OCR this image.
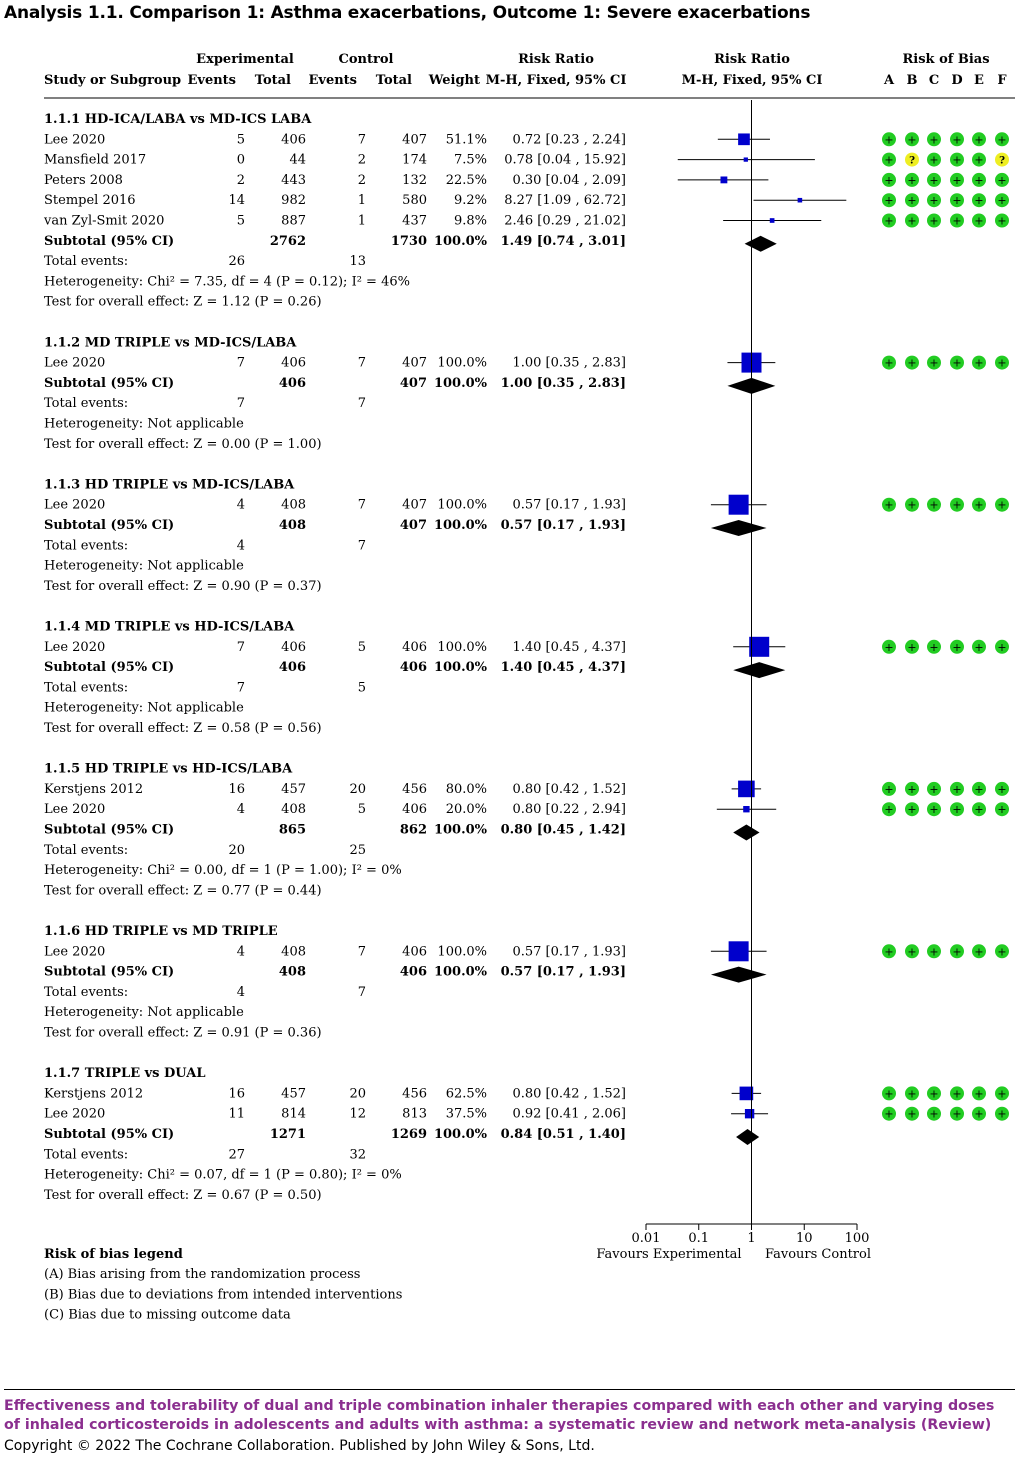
Analysis 1.1. Comparison 1: Asthma exacerbations, Outcome 1: Severe exacerbations
Experimental	Control	Risk Ratio	Risk Ratio	Risk of Bias
Study or Subgroup Events Total Events Total Weight M-H, Fixed, 95% CI	M-H, Fixed, 95% CI	A B C D E F
1.1.1 HD-ICA/LABA vs MD-ICS LABA
Lee 2020	5	406	7	407 51.1% 0.72 [0.23 , 2.24]	+ + + + + +
Mansfield 2017	0	44	2	174 7.5% 0.78 [0.04 , 15.92]	+ ? + + + ?
Peters 2008	2	443	2	132 22.5% 0.30 [0.04 , 2.09]	+ + + + + +
Stempel 2016	14	982	1	580 9.2% 8.27 [1.09 , 62.72]	+ + + + + +
van Zyl-Smit 2020	5	887	1	437 9.8% 2.46 [0.29 , 21.02]	+ + + + + +
Subtotal (95% CI)	2762	1730 100.0% 1.49 [0.74 , 3.01]
Total events:	26	13
Heterogeneity: Chi² = 7.35, df = 4 (P = 0.12); I² = 46%
Test for overall effect: Z = 1.12 (P = 0.26)
1.1.2 MD TRIPLE vs MD-ICS/LABA
Lee 2020	7	406	7	407 100.0% 1.00 [0.35 , 2.83]	+ + + + + +
Subtotal (95% CI)	406	407 100.0% 1.00 [0.35 , 2.83]
Total events:	7	7
Heterogeneity: Not applicable
Test for overall effect: Z = 0.00 (P = 1.00)
1.1.3 HD TRIPLE vs MD-ICS/LABA
Lee 2020	4	408	7	407 100.0% 0.57 [0.17 , 1.93]	+ + + + + +
Subtotal (95% CI)	408	407 100.0% 0.57 [0.17 , 1.93]
Total events:	4	7
Heterogeneity: Not applicable
Test for overall effect: Z = 0.90 (P = 0.37)
1.1.4 MD TRIPLE vs HD-ICS/LABA
Lee 2020	7	406	5	406 100.0% 1.40 [0.45 , 4.37]	+ + + + + +
Subtotal (95% CI)	406	406 100.0% 1.40 [0.45 , 4.37]
Total events:	7	5
Heterogeneity: Not applicable
Test for overall effect: Z = 0.58 (P = 0.56)
1.1.5 HD TRIPLE vs HD-ICS/LABA
Kerstjens 2012	16	457	20	456 80.0% 0.80 [0.42 , 1.52]	+ + + + + +
Lee 2020	4	408	5	406 20.0% 0.80 [0.22 , 2.94]	+ + + + + +
Subtotal (95% CI)	865	862 100.0% 0.80 [0.45 , 1.42]
Total events:	20	25
Heterogeneity: Chi² = 0.00, df = 1 (P = 1.00); I² = 0%
Test for overall effect: Z = 0.77 (P = 0.44)
1.1.6 HD TRIPLE vs MD TRIPLE
Lee 2020	4	408	7	406 100.0% 0.57 [0.17 , 1.93]	+ + + + + +
Subtotal (95% CI)	408	406 100.0% 0.57 [0.17 , 1.93]
Total events:	4	7
Heterogeneity: Not applicable
Test for overall effect: Z = 0.91 (P = 0.36)
1.1.7 TRIPLE vs DUAL
Kerstjens 2012	16	457	20	456 62.5% 0.80 [0.42 , 1.52]	+ + + + + +
Lee 2020	11	814	12	813 37.5% 0.92 [0.41 , 2.06]	+ + + + + +
Subtotal (95% CI)	1271	1269 100.0% 0.84 [0.51 , 1.40]
Total events:	27	32
Heterogeneity: Chi² = 0.07, df = 1 (P = 0.80); I² = 0%
Test for overall effect: Z = 0.67 (P = 0.50)
0.01 0.1	1	10 100
Favours Experimental Favours Control
Risk of bias legend
(A) Bias arising from the randomization process
(B) Bias due to deviations from intended interventions
(C) Bias due to missing outcome data

Effectiveness and tolerability of dual and triple combination inhaler therapies compared with each other and varying doses of inhaled corticosteroids in adolescents and adults with asthma: a systematic review and network meta-analysis (Review)

Copyright © 2022 The Cochrane Collaboration. Published by John Wiley & Sons, Ltd.
